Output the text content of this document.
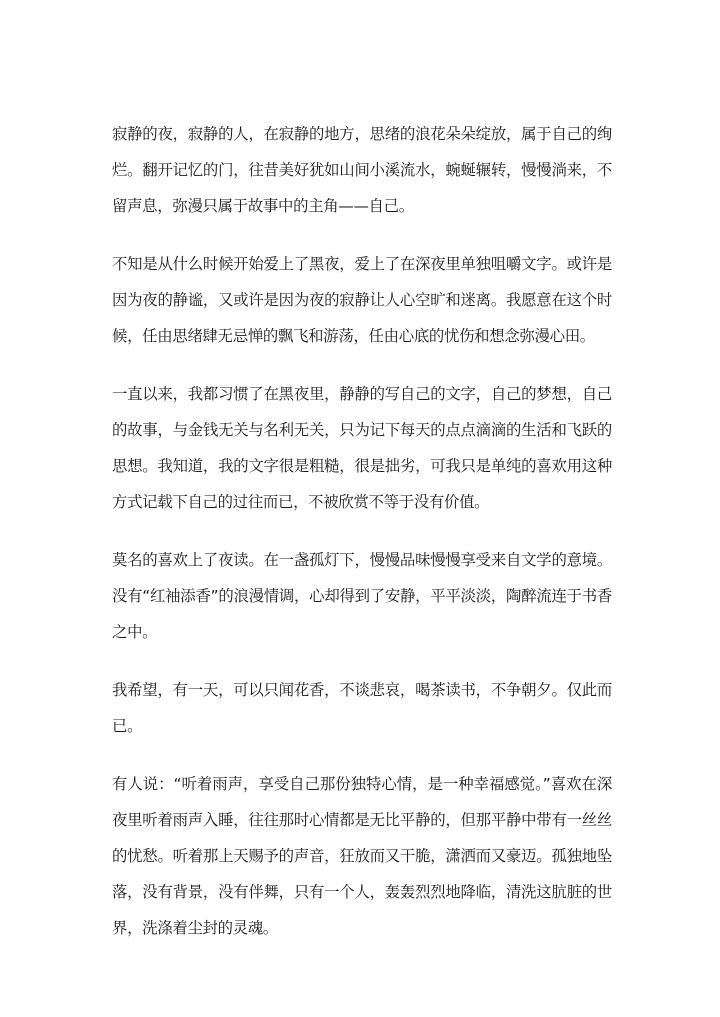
寂静的夜，寂静的人，在寂静的地方，思绪的浪花朵朵绽放，属于自己的绚烂。翻开记忆的门，往昔美好犹如山间小溪流水，蜿蜒辗转，慢慢淌来，不留声息，弥漫只属于故事中的主角——自己。

不知是从什么时候开始爱上了黑夜，爱上了在深夜里单独咀嚼文字。或许是因为夜的静谧，又或许是因为夜的寂静让人心空旷和迷离。我愿意在这个时候，任由思绪肆无忌惮的飘飞和游荡，任由心底的忧伤和想念弥漫心田。

一直以来，我都习惯了在黑夜里，静静的写自己的文字，自己的梦想，自己的故事，与金钱无关与名利无关，只为记下每天的点点滴滴的生活和飞跃的思想。我知道，我的文字很是粗糙，很是拙劣，可我只是单纯的喜欢用这种方式记载下自己的过往而已，不被欣赏不等于没有价值。

莫名的喜欢上了夜读。在一盏孤灯下，慢慢品味慢慢享受来自文学的意境。没有“红袖添香”的浪漫情调，心却得到了安静，平平淡淡，陶醉流连于书香之中。

我希望，有一天，可以只闻花香，不谈悲哀，喝茶读书，不争朝夕。仅此而已。

有人说：“听着雨声，享受自己那份独特心情，是一种幸福感觉。”喜欢在深夜里听着雨声入睡，往往那时心情都是无比平静的，但那平静中带有一丝丝的忧愁。听着那上天赐予的声音，狂放而又干脆，潇洒而又豪迈。孤独地坠落，没有背景，没有伴舞，只有一个人，轰轰烈烈地降临，清洗这肮脏的世界，洗涤着尘封的灵魂。
